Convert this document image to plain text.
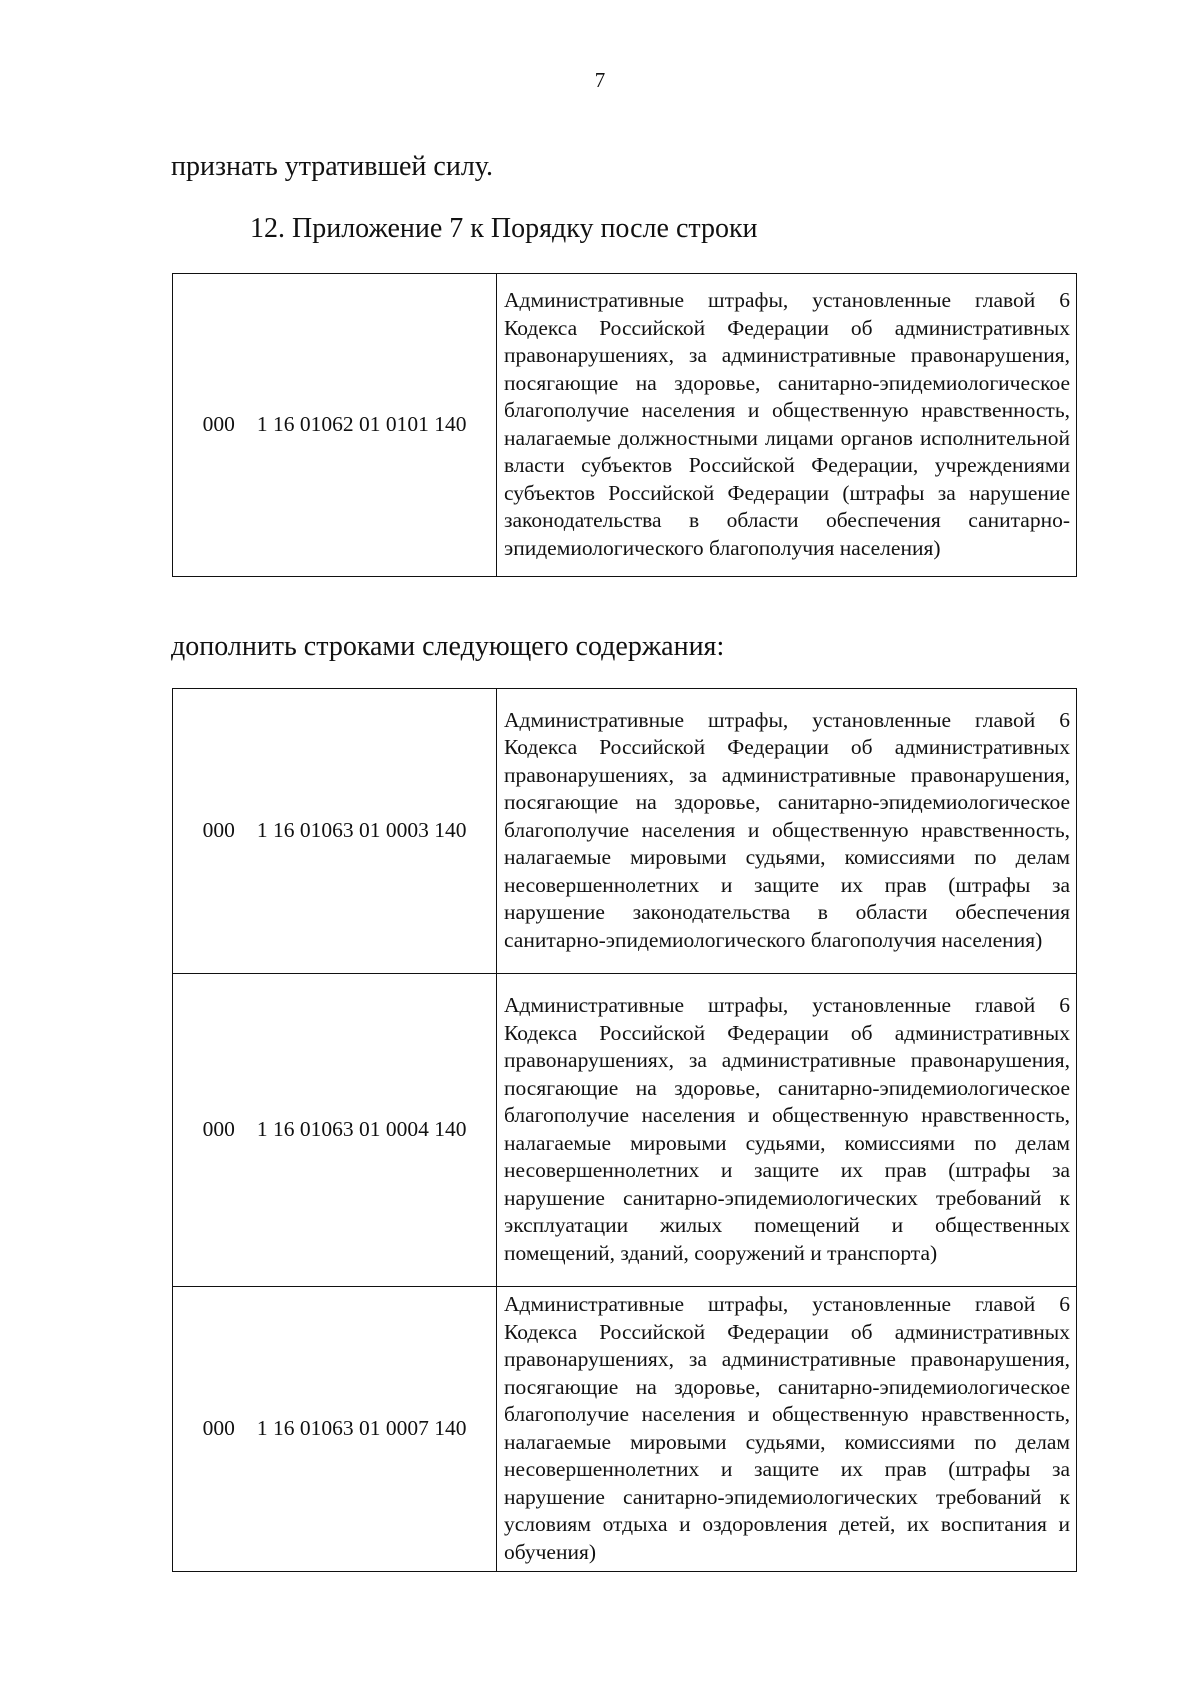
7
признать утратившей силу.
12. Приложение 7 к Порядку после строки
000 1 16 01062 01 0101 140	Административные штрафы, установленные главой 6 Кодекса Российской Федерации об административных правонарушениях, за административные правонарушения, посягающие на здоровье, санитарно-эпидемиологическое благополучие населения и общественную нравственность, налагаемые должностными лицами органов исполнительной власти субъектов Российской Федерации, учреждениями субъектов Российской Федерации (штрафы за нарушение законодательства в области обеспечения санитарно-эпидемиологического благополучия населения)
дополнить строками следующего содержания:
000 1 16 01063 01 0003 140	Административные штрафы, установленные главой 6 Кодекса Российской Федерации об административных правонарушениях, за административные правонарушения, посягающие на здоровье, санитарно-эпидемиологическое благополучие населения и общественную нравственность, налагаемые мировыми судьями, комиссиями по делам несовершеннолетних и защите их прав (штрафы за нарушение законодательства в области обеспечения санитарно-эпидемиологического благополучия населения)
000 1 16 01063 01 0004 140	Административные штрафы, установленные главой 6 Кодекса Российской Федерации об административных правонарушениях, за административные правонарушения, посягающие на здоровье, санитарно-эпидемиологическое благополучие населения и общественную нравственность, налагаемые мировыми судьями, комиссиями по делам несовершеннолетних и защите их прав (штрафы за нарушение санитарно-эпидемиологических требований к эксплуатации жилых помещений и общественных помещений, зданий, сооружений и транспорта)
000 1 16 01063 01 0007 140	Административные штрафы, установленные главой 6 Кодекса Российской Федерации об административных правонарушениях, за административные правонарушения, посягающие на здоровье, санитарно-эпидемиологическое благополучие населения и общественную нравственность, налагаемые мировыми судьями, комиссиями по делам несовершеннолетних и защите их прав (штрафы за нарушение санитарно-эпидемиологических требований к условиям отдыха и оздоровления детей, их воспитания и обучения)
